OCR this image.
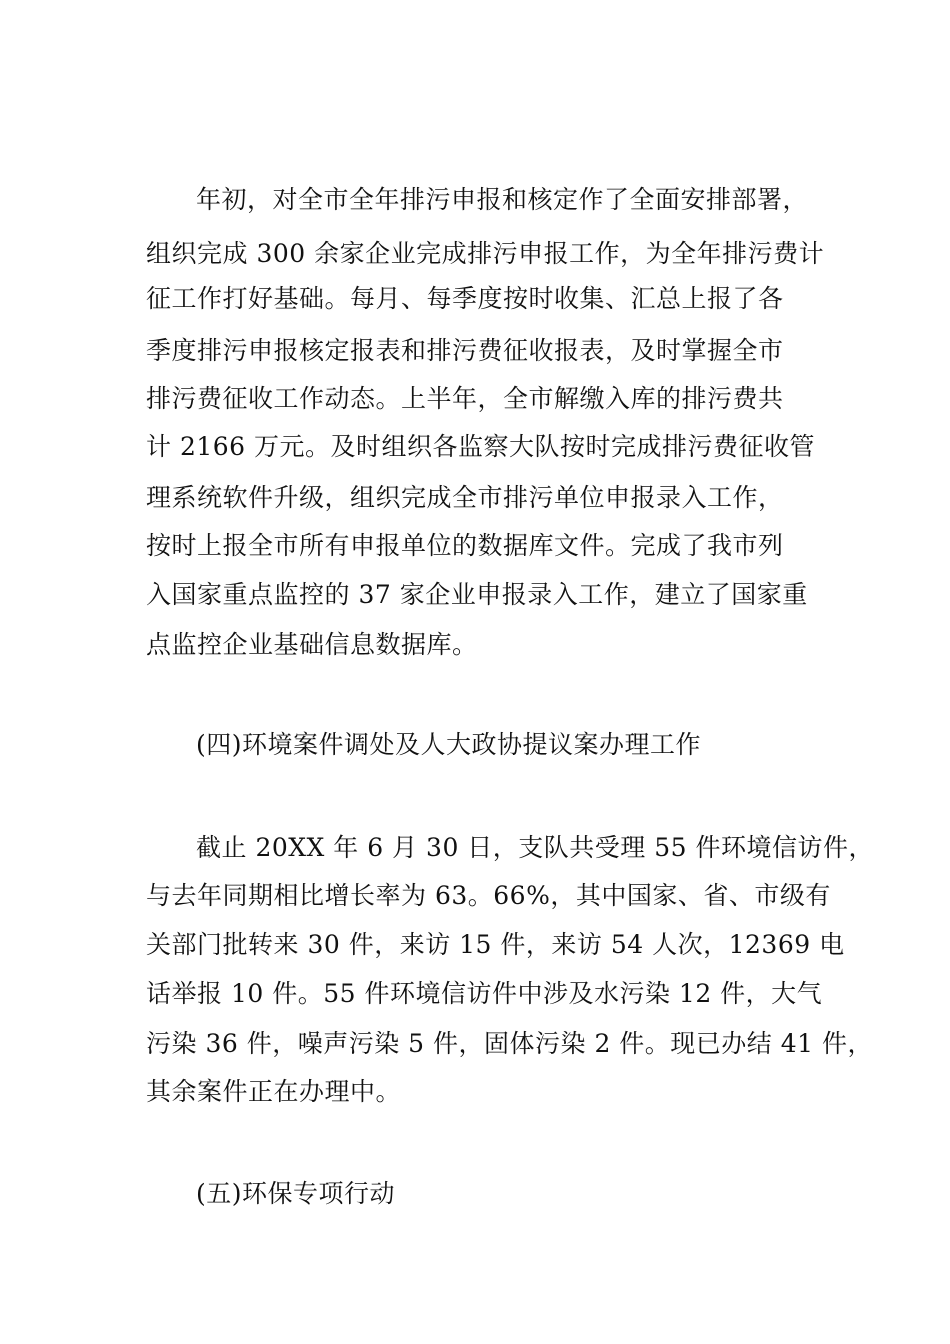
年初，对全市全年排污申报和核定作了全面安排部署，
组织完成 300 余家企业完成排污申报工作，为全年排污费计
征工作打好基础。每月、每季度按时收集、汇总上报了各
季度排污申报核定报表和排污费征收报表，及时掌握全市
排污费征收工作动态。上半年，全市解缴入库的排污费共
计 2166 万元。及时组织各监察大队按时完成排污费征收管
理系统软件升级，组织完成全市排污单位申报录入工作，
按时上报全市所有申报单位的数据库文件。完成了我市列
入国家重点监控的 37 家企业申报录入工作，建立了国家重
点监控企业基础信息数据库。
(四)环境案件调处及人大政协提议案办理工作
截止 20XX 年 6 月 30 日，支队共受理 55 件环境信访件，
与去年同期相比增长率为 63。66%，其中国家、省、市级有
关部门批转来 30 件，来访 15 件，来访 54 人次，12369 电
话举报 10 件。55 件环境信访件中涉及水污染 12 件，大气
污染 36 件，噪声污染 5 件，固体污染 2 件。现已办结 41 件，
其余案件正在办理中。
(五)环保专项行动
